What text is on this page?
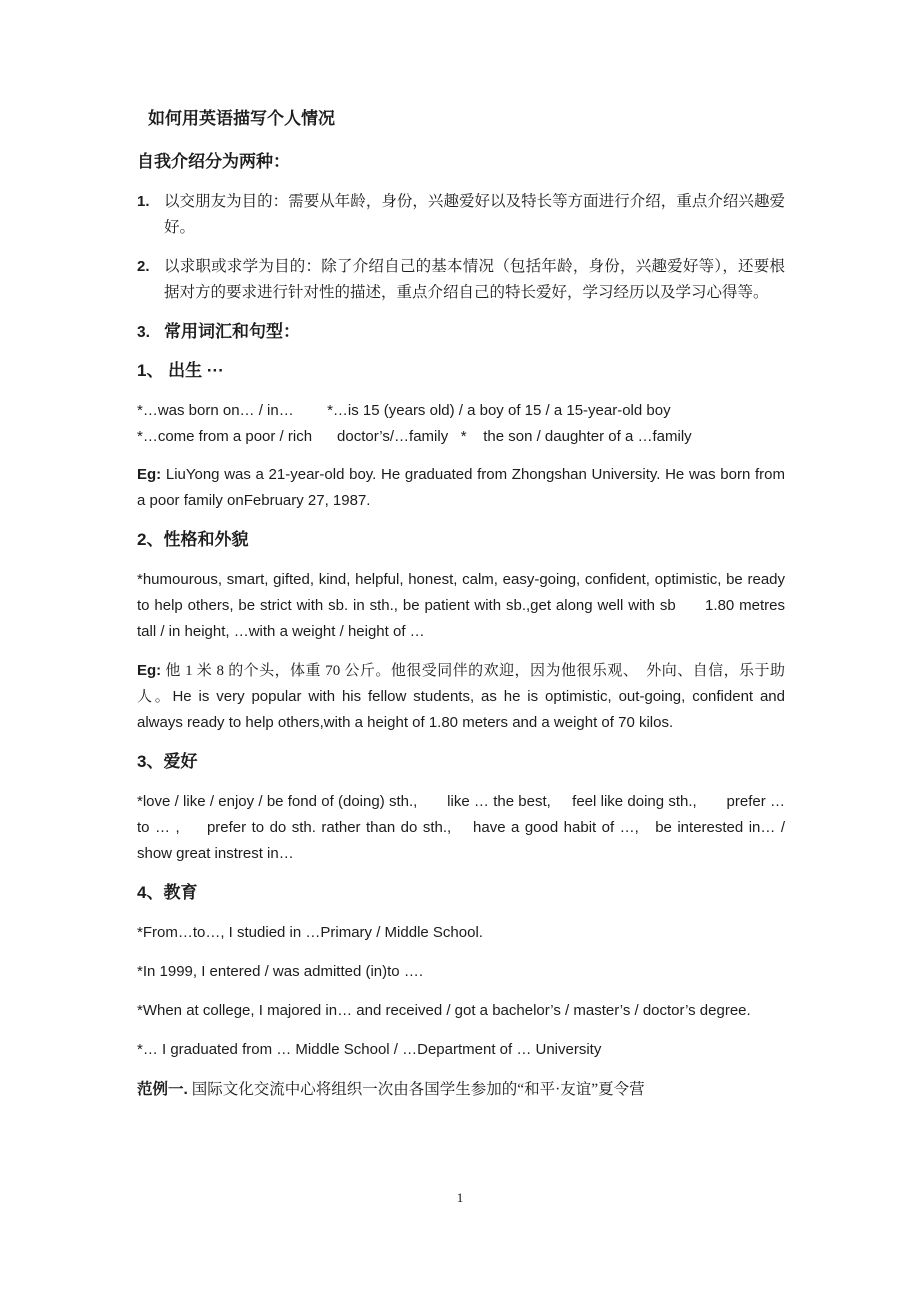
如何用英语描写个人情况
自我介绍分为两种：
1. 以交朋友为目的：需要从年龄，身份，兴趣爱好以及特长等方面进行介绍，重点介绍兴趣爱好。
2. 以求职或求学为目的：除了介绍自己的基本情况（包括年龄，身份，兴趣爱好等），还要根据对方的要求进行针对性的描述，重点介绍自己的特长爱好，学习经历以及学习心得等。
3. 常用词汇和句型：
1、 出生 ···
*…was born on… / in…        *…is 15 (years old) / a boy of 15 / a 15-year-old boy
*…come from a poor / rich      doctor’s/…family   *    the son / daughter of a …family
Eg: LiuYong was a 21-year-old boy. He graduated from Zhongshan University. He was born from a poor family onFebruary 27, 1987.
2、性格和外貌
*humourous, smart, gifted, kind, helpful, honest, calm, easy-going, confident, optimistic, be ready to help others, be strict with sb. in sth., be patient with sb.,get along well with sb      1.80 metres tall / in height, …with a weight / height of …
Eg: 他 1 米 8 的个头，体重 70 公斤。他很受同伴的欢迎，因为他很乐观、　外向、自信，乐于助人。He is very popular with his fellow students, as he is optimistic, out-going, confident and always ready to help others,with a height of 1.80 meters and a weight of 70 kilos.
3、爱好
*love / like / enjoy / be fond of (doing) sth.,       like … the best,     feel like doing sth.,       prefer … to … ,     prefer to do sth. rather than do sth.,    have a good habit of …,   be interested in… / show great instrest in…
4、教育
*From…to…, I studied in …Primary / Middle School.
*In 1999, I entered / was admitted (in)to ….
*When at college, I majored in… and received / got a bachelor’s / master’s / doctor’s degree.
*… I graduated from … Middle School / …Department of … University
范例一. 国际文化交流中心将组织一次由各国学生参加的“和平·友谊”夏令营
1
